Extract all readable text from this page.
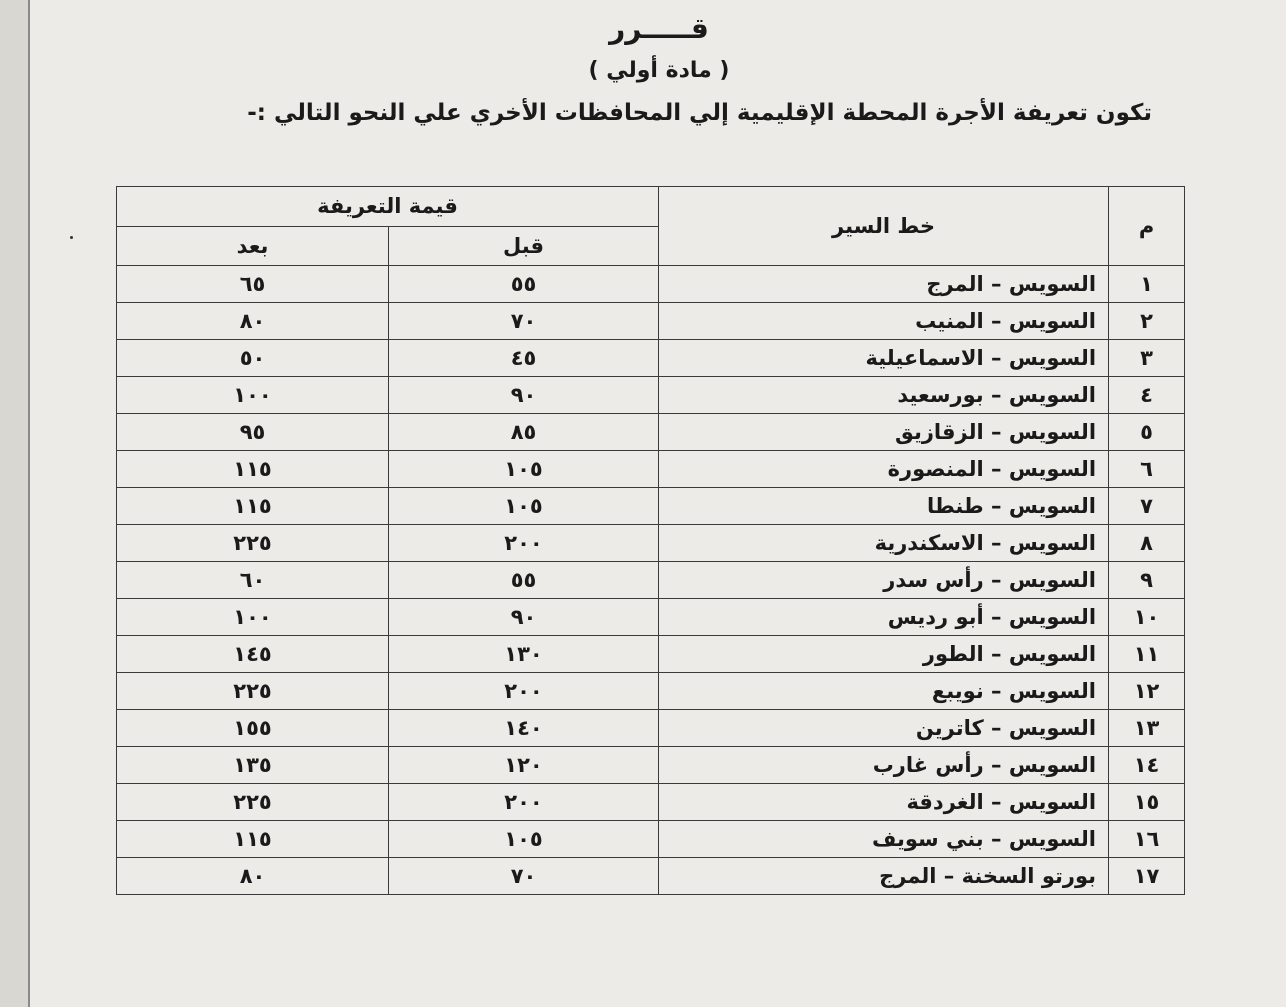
قـــــرر
( مادة أولي )
تكون تعريفة الأجرة المحطة الإقليمية إلي المحافظات الأخري علي النحو التالي :-
م	خط السير	قيمة التعريفة	
		قبل	بعد
١	السويس – المرج	٥٥	٦٥
٢	السويس – المنيب	٧٠	٨٠
٣	السويس – الاسماعيلية	٤٥	٥٠
٤	السويس – بورسعيد	٩٠	١٠٠
٥	السويس – الزقازيق	٨٥	٩٥
٦	السويس – المنصورة	١٠٥	١١٥
٧	السويس – طنطا	١٠٥	١١٥
٨	السويس – الاسكندرية	٢٠٠	٢٢٥
٩	السويس – رأس سدر	٥٥	٦٠
١٠	السويس – أبو رديس	٩٠	١٠٠
١١	السويس – الطور	١٣٠	١٤٥
١٢	السويس – نويبع	٢٠٠	٢٢٥
١٣	السويس – كاترين	١٤٠	١٥٥
١٤	السويس – رأس غارب	١٢٠	١٣٥
١٥	السويس – الغردقة	٢٠٠	٢٢٥
١٦	السويس – بني سويف	١٠٥	١١٥
١٧	بورتو السخنة – المرج	٧٠	٨٠
